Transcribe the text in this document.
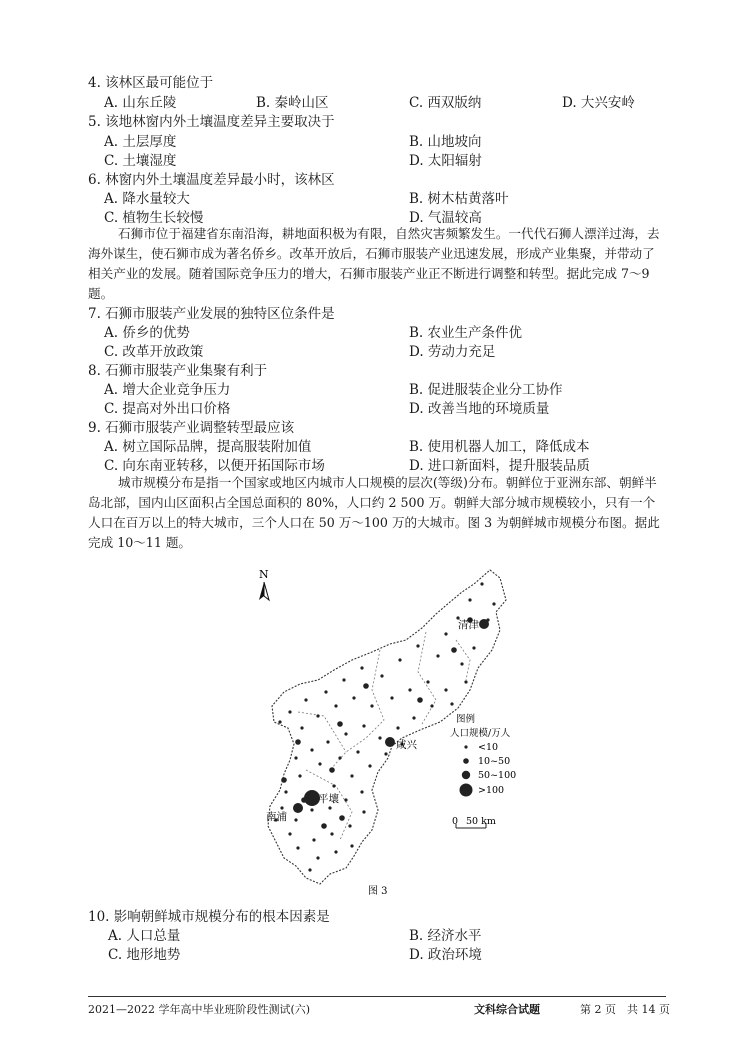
4. 该林区最可能位于
A. 山东丘陵	B. 秦岭山区	C. 西双版纳	D. 大兴安岭
5. 该地林窗内外土壤温度差异主要取决于
A. 土层厚度	B. 山地坡向
C. 土壤湿度	D. 太阳辐射
6. 林窗内外土壤温度差异最小时，该林区
A. 降水量较大	B. 树木枯黄落叶
C. 植物生长较慢	D. 气温较高
石狮市位于福建省东南沿海，耕地面积极为有限，自然灾害频繁发生。一代代石狮人漂洋过海，去海外谋生，使石狮市成为著名侨乡。改革开放后，石狮市服装产业迅速发展，形成产业集聚，并带动了相关产业的发展。随着国际竞争压力的增大，石狮市服装产业正不断进行调整和转型。据此完成 7～9 题。
7. 石狮市服装产业发展的独特区位条件是
A. 侨乡的优势	B. 农业生产条件优
C. 改革开放政策	D. 劳动力充足
8. 石狮市服装产业集聚有利于
A. 增大企业竞争压力	B. 促进服装企业分工协作
C. 提高对外出口价格	D. 改善当地的环境质量
9. 石狮市服装产业调整转型最应该
A. 树立国际品牌，提高服装附加值	B. 使用机器人加工，降低成本
C. 向东南亚转移，以便开拓国际市场	D. 进口新面料，提升服装品质
城市规模分布是指一个国家或地区内城市人口规模的层次(等级)分布。朝鲜位于亚洲东部、朝鲜半岛北部，国内山区面积占全国总面积的 80%，人口约 2 500 万。朝鲜大部分城市规模较小，只有一个人口在百万以上的特大城市，三个人口在 50 万～100 万的大城市。图 3 为朝鲜城市规模分布图。据此完成 10～11 题。
N
清津
咸兴
平壤
南浦
图例
人口规模/万人
<10
10~50
50~100
>100
0 50 km
图 3
10. 影响朝鲜城市规模分布的根本因素是
A. 人口总量	B. 经济水平
C. 地形地势	D. 政治环境
2021—2022 学年高中毕业班阶段性测试(六)	文科综合试题	第 2 页　共 14 页
